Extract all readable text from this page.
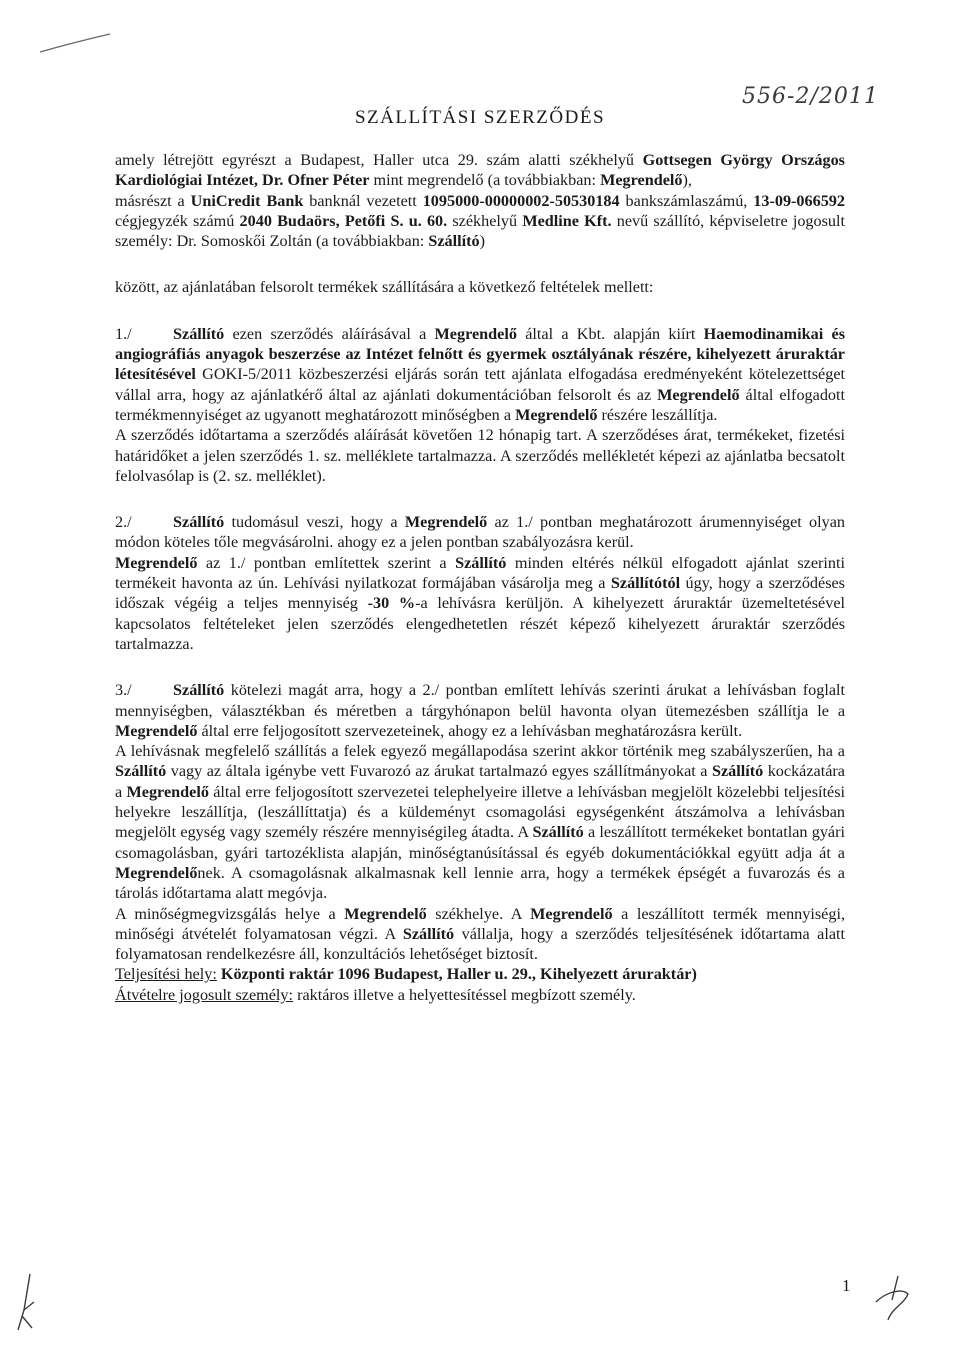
SZÁLLÍTÁSI SZERZŐDÉS
556-2/2011

amely létrejött egyrészt a Budapest, Haller utca 29. szám alatti székhelyű Gottsegen György Országos Kardiológiai Intézet, Dr. Ofner Péter mint megrendelő (a továbbiakban: Megrendelő),
másrészt a UniCredit Bank banknál vezetett 1095000-00000002-50530184 bankszámlaszámú, 13-09-066592 cégjegyzék számú 2040 Budaörs, Petőfi S. u. 60. székhelyű Medline Kft. nevű szállító, képviseletre jogosult személy: Dr. Somoskői Zoltán (a továbbiakban: Szállító)

között, az ajánlatában felsorolt termékek szállítására a következő feltételek mellett:

1./	Szállító ezen szerződés aláírásával a Megrendelő által a Kbt. alapján kiírt Haemodinamikai és angiográfiás anyagok beszerzése az Intézet felnőtt és gyermek osztályának részére, kihelyezett áruraktár létesítésével GOKI-5/2011 közbeszerzési eljárás során tett ajánlata elfogadása eredményeként kötelezettséget vállal arra, hogy az ajánlatkérő által az ajánlati dokumentációban felsorolt és az Megrendelő által elfogadott termékmennyiséget az ugyanott meghatározott minőségben a Megrendelő részére leszállítja.

A szerződés időtartama a szerződés aláírását követően 12 hónapig tart. A szerződéses árat, termékeket, fizetési határidőket a jelen szerződés 1. sz. melléklete tartalmazza. A szerződés mellékletét képezi az ajánlatba becsatolt felolvasólap is (2. sz. melléklet).

2./	Szállító tudomásul veszi, hogy a Megrendelő az 1./ pontban meghatározott árumennyiséget olyan módon köteles tőle megvásárolni. ahogy ez a jelen pontban szabályozásra kerül.

Megrendelő az 1./ pontban említettek szerint a Szállító minden eltérés nélkül elfogadott ajánlat szerinti termékeit havonta az ún. Lehívási nyilatkozat formájában vásárolja meg a Szállítótól úgy, hogy a szerződéses időszak végéig a teljes mennyiség -30 %-a lehívásra kerüljön. A kihelyezett áruraktár üzemeltetésével kapcsolatos feltételeket jelen szerződés elengedhetetlen részét képező kihelyezett áruraktár szerződés tartalmazza.

3./	Szállító kötelezi magát arra, hogy a 2./ pontban említett lehívás szerinti árukat a lehívásban foglalt mennyiségben, választékban és méretben a tárgyhónapon belül havonta olyan ütemezésben szállítja le a Megrendelő által erre feljogosított szervezeteinek, ahogy ez a lehívásban meghatározásra került.

A lehívásnak megfelelő szállítás a felek egyező megállapodása szerint akkor történik meg szabályszerűen, ha a Szállító vagy az általa igénybe vett Fuvarozó az árukat tartalmazó egyes szállítmányokat a Szállító kockázatára a Megrendelő által erre feljogosított szervezetei telephelyeire illetve a lehívásban megjelölt közelebbi teljesítési helyekre leszállítja, (leszállíttatja) és a küldeményt csomagolási egységenként átszámolva a lehívásban megjelölt egység vagy személy részére mennyiségileg átadta. A Szállító a leszállított termékeket bontatlan gyári csomagolásban, gyári tartozéklista alapján, minőségtanúsítással és egyéb dokumentációkkal együtt adja át a Megrendelőnek. A csomagolásnak alkalmasnak kell lennie arra, hogy a termékek épségét a fuvarozás és a tárolás időtartama alatt megóvja.

A minőségmegvizsgálás helye a Megrendelő székhelye. A Megrendelő a leszállított termék mennyiségi, minőségi átvételét folyamatosan végzi. A Szállító vállalja, hogy a szerződés teljesítésének időtartama alatt folyamatosan rendelkezésre áll, konzultációs lehetőséget biztosít.

Teljesítési hely: Központi raktár 1096 Budapest, Haller u. 29., Kihelyezett áruraktár)

Átvételre jogosult személy: raktáros illetve a helyettesítéssel megbízott személy.

1
